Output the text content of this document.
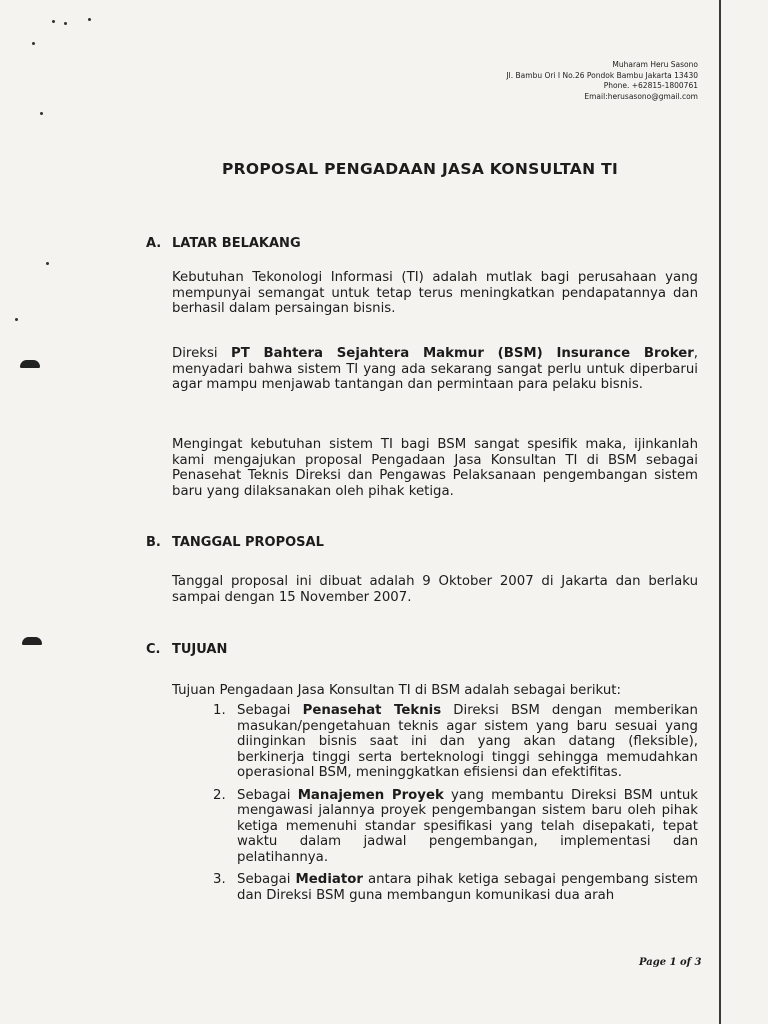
Muharam Heru Sasono
Jl. Bambu Ori I No.26 Pondok Bambu Jakarta 13430
Phone. +62815-1800761
Email:herusasono@gmail.com
PROPOSAL PENGADAAN JASA KONSULTAN TI
A. LATAR BELAKANG
Kebutuhan Tekonologi Informasi (TI) adalah mutlak bagi perusahaan yang mempunyai semangat untuk tetap terus meningkatkan pendapatannya dan berhasil dalam persaingan bisnis.
Direksi PT Bahtera Sejahtera Makmur (BSM) Insurance Broker, menyadari bahwa sistem TI yang ada sekarang sangat perlu untuk diperbarui agar mampu menjawab tantangan dan permintaan para pelaku bisnis.
Mengingat kebutuhan sistem TI bagi BSM sangat spesifik maka, ijinkanlah kami mengajukan proposal Pengadaan Jasa Konsultan TI di BSM sebagai Penasehat Teknis Direksi dan Pengawas Pelaksanaan pengembangan sistem baru yang dilaksanakan oleh pihak ketiga.
B. TANGGAL PROPOSAL
Tanggal proposal ini dibuat adalah 9 Oktober 2007 di Jakarta dan berlaku sampai dengan 15 November 2007.
C. TUJUAN
Tujuan Pengadaan Jasa Konsultan TI di BSM adalah sebagai berikut:
1. Sebagai Penasehat Teknis Direksi BSM dengan memberikan masukan/pengetahuan teknis agar sistem yang baru sesuai yang diinginkan bisnis saat ini dan yang akan datang (fleksible), berkinerja tinggi serta berteknologi tinggi sehingga memudahkan operasional BSM, meninggkatkan efisiensi dan efektifitas.
2. Sebagai Manajemen Proyek yang membantu Direksi BSM untuk mengawasi jalannya proyek pengembangan sistem baru oleh pihak ketiga memenuhi standar spesifikasi yang telah disepakati, tepat waktu dalam jadwal pengembangan, implementasi dan pelatihannya.
3. Sebagai Mediator antara pihak ketiga sebagai pengembang sistem dan Direksi BSM guna membangun komunikasi dua arah
Page 1 of 3
